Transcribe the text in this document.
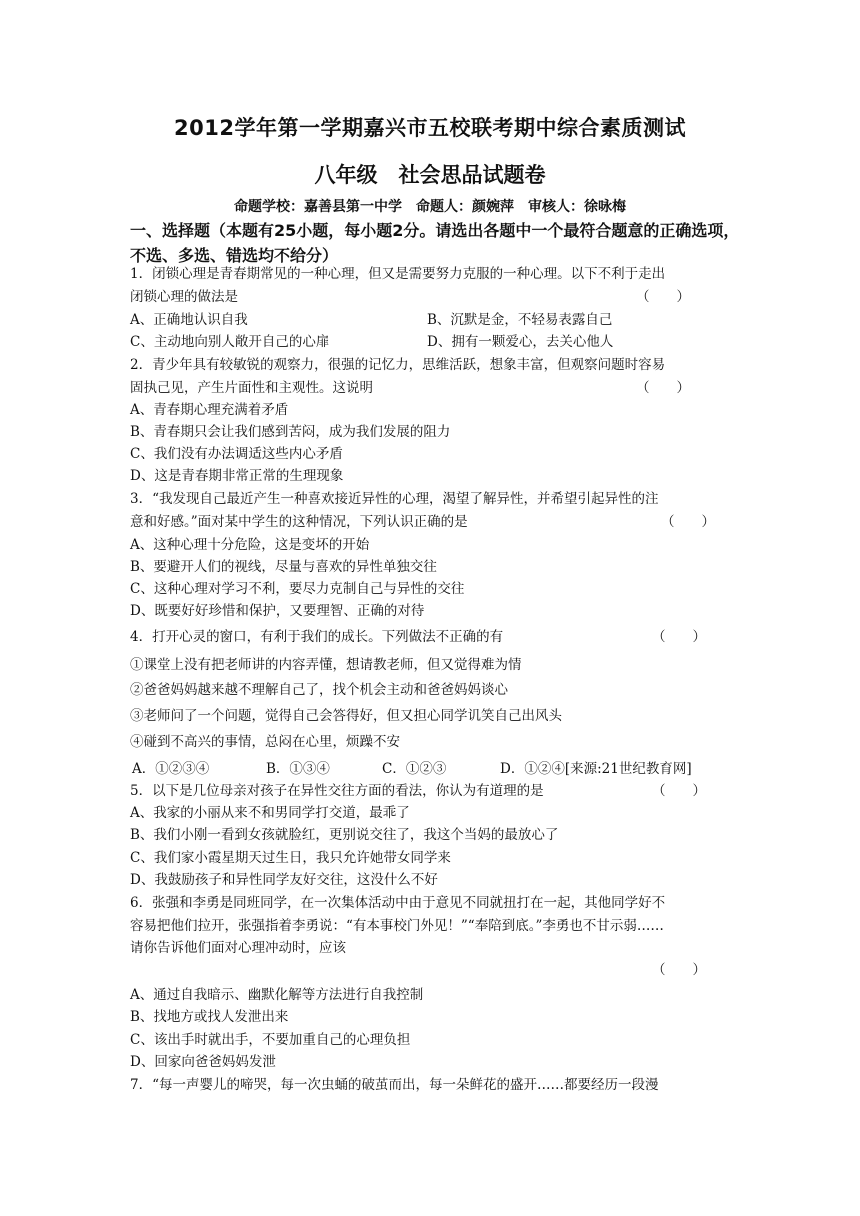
2012学年第一学期嘉兴市五校联考期中综合素质测试
八年级　社会思品试题卷
命题学校：嘉善县第一中学　命题人：颜婉萍　审核人：徐咏梅
一、选择题（本题有25小题，每小题2分。请选出各题中一个最符合题意的正确选项，不选、多选、错选均不给分）
1．闭锁心理是青春期常见的一种心理，但又是需要努力克服的一种心理。以下不利于走出
闭锁心理的做法是	（　　）
A、正确地认识自我	B、沉默是金，不轻易表露自己
C、主动地向别人敞开自己的心扉	D、拥有一颗爱心，去关心他人
2．青少年具有较敏锐的观察力，很强的记忆力，思维活跃，想象丰富，但观察问题时容易
固执己见，产生片面性和主观性。这说明	（　　）
A、青春期心理充满着矛盾
B、青春期只会让我们感到苦闷，成为我们发展的阻力
C、我们没有办法调适这些内心矛盾
D、这是青春期非常正常的生理现象
3．“我发现自己最近产生一种喜欢接近异性的心理，渴望了解异性，并希望引起异性的注
意和好感。”面对某中学生的这种情况，下列认识正确的是	（　　）
A、这种心理十分危险，这是变坏的开始
B、要避开人们的视线，尽量与喜欢的异性单独交往
C、这种心理对学习不利，要尽力克制自己与异性的交往
D、既要好好珍惜和保护，又要理智、正确的对待
4．打开心灵的窗口，有利于我们的成长。下列做法不正确的有	（　　）
①课堂上没有把老师讲的内容弄懂，想请教老师，但又觉得难为情
②爸爸妈妈越来越不理解自己了，找个机会主动和爸爸妈妈谈心
③老师问了一个问题，觉得自己会答得好，但又担心同学讥笑自己出风头
④碰到不高兴的事情，总闷在心里，烦躁不安
A．①②③④	B．①③④	C．①②③	D．①②④[来源:21世纪教育网]
5．以下是几位母亲对孩子在异性交往方面的看法，你认为有道理的是	（　　）
A、我家的小丽从来不和男同学打交道，最乖了
B、我们小刚一看到女孩就脸红，更别说交往了，我这个当妈的最放心了
C、我们家小霞星期天过生日，我只允许她带女同学来
D、我鼓励孩子和异性同学友好交往，这没什么不好
6．张强和李勇是同班同学，在一次集体活动中由于意见不同就扭打在一起，其他同学好不
容易把他们拉开，张强指着李勇说：“有本事校门外见！”“奉陪到底。”李勇也不甘示弱……
请你告诉他们面对心理冲动时，应该
（　　）
A、通过自我暗示、幽默化解等方法进行自我控制
B、找地方或找人发泄出来
C、该出手时就出手，不要加重自己的心理负担
D、回家向爸爸妈妈发泄
7．“每一声婴儿的啼哭，每一次虫蛹的破茧而出，每一朵鲜花的盛开……都要经历一段漫
